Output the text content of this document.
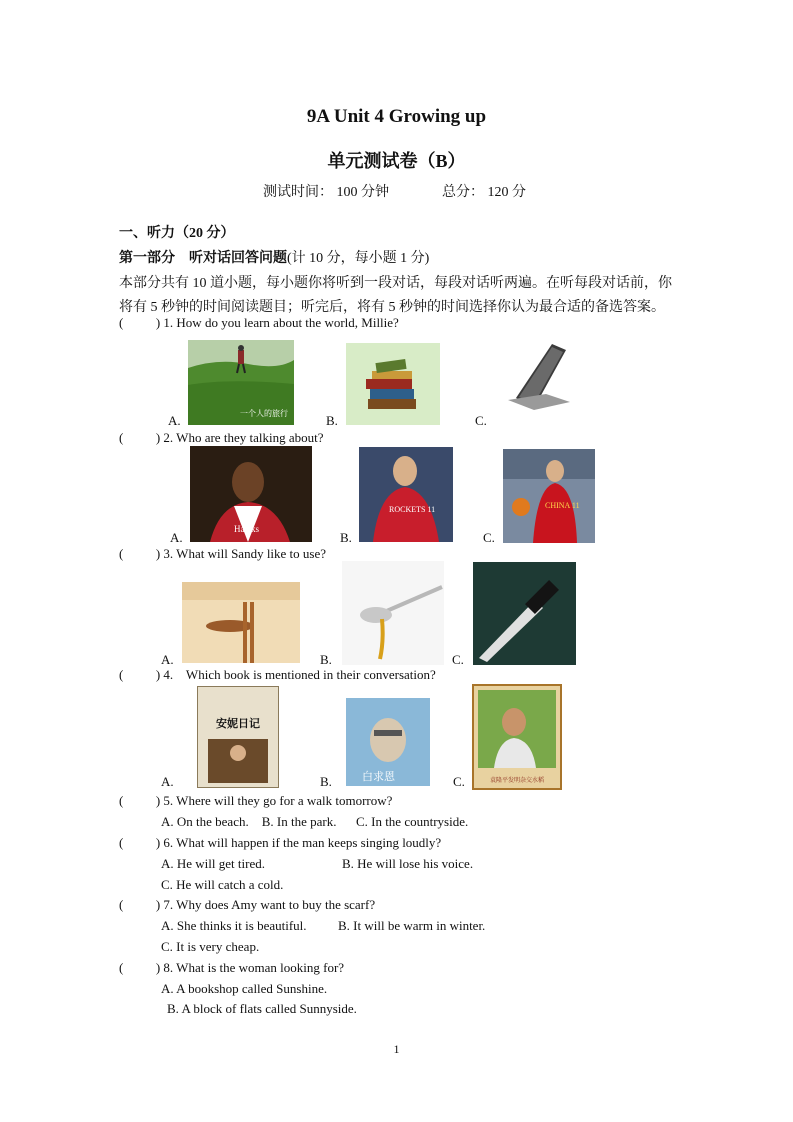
9A Unit 4 Growing up
单元测试卷（B）
测试时间： 100 分钟	总分： 120 分
一、听力（20 分）
第一部分　听对话回答问题(计 10 分，每小题 1 分)
本部分共有 10 道小题，每小题你将听到一段对话，每段对话听两遍。在听每段对话前，你
将有 5 秒钟的时间阅读题目；听完后，将有 5 秒钟的时间选择你认为最合适的备选答案。
(          ) 1. How do you learn about the world, Millie?
A.	B.	C.
一个人的旅行
(          ) 2. Who are they talking about?
A.	B.	C.
Hawks
ROCKETS 11	CHINA 11
(          ) 3. What will Sandy like to use?
A.	B.	C.
(          ) 4.    Which book is mentioned in their conversation?
A.	B.	C.
安妮日记
白求恩	袁隆平发明杂交水稻
(          ) 5. Where will they go for a walk tomorrow?
A. On the beach.    B. In the park.      C. In the countryside.
(          ) 6. What will happen if the man keeps singing loudly?
A. He will get tired.	B. He will lose his voice.
C. He will catch a cold.
(          ) 7. Why does Amy want to buy the scarf?
A. She thinks it is beautiful. B. It will be warm in winter.
C. It is very cheap.
(          ) 8. What is the woman looking for?
A. A bookshop called Sunshine.
B. A block of flats called Sunnyside.
1
